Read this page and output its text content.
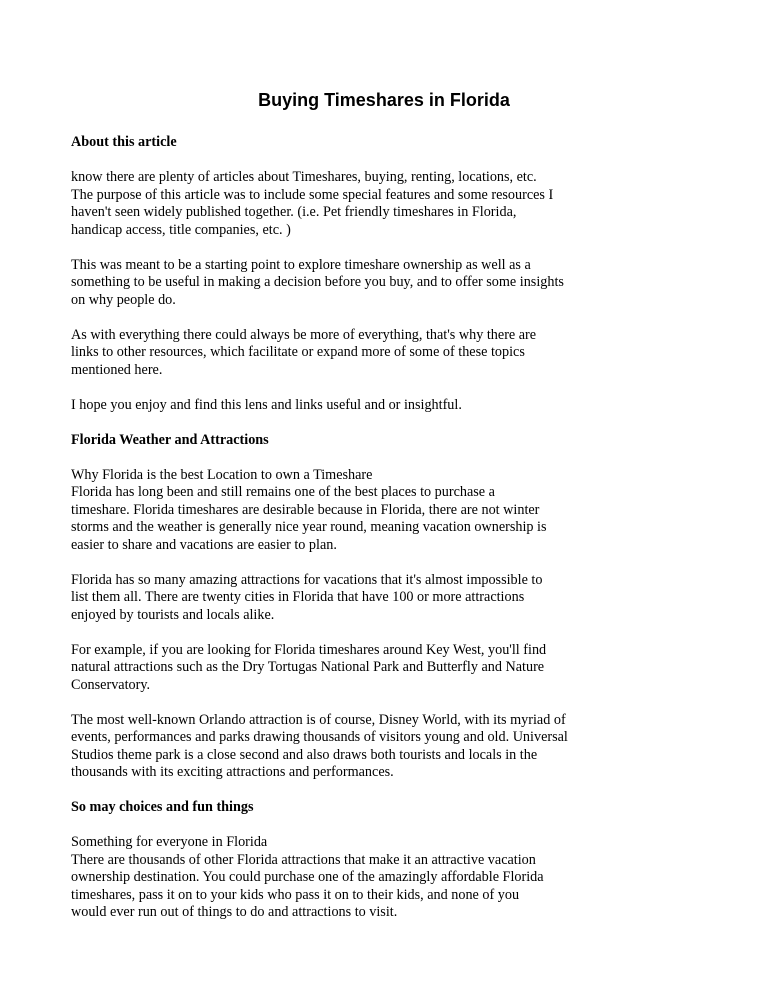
Buying Timeshares in Florida

About this article

know there are plenty of articles about Timeshares, buying, renting, locations, etc.
The purpose of this article was to include some special features and some resources I
haven't seen widely published together. (i.e. Pet friendly timeshares in Florida,
handicap access, title companies, etc. )

This was meant to be a starting point to explore timeshare ownership as well as a
something to be useful in making a decision before you buy, and to offer some insights
on why people do.

As with everything there could always be more of everything, that's why there are
links to other resources, which facilitate or expand more of some of these topics
mentioned here.

I hope you enjoy and find this lens and links useful and or insightful.

Florida Weather and Attractions

Why Florida is the best Location to own a Timeshare
Florida has long been and still remains one of the best places to purchase a
timeshare. Florida timeshares are desirable because in Florida, there are not winter
storms and the weather is generally nice year round, meaning vacation ownership is
easier to share and vacations are easier to plan.

Florida has so many amazing attractions for vacations that it's almost impossible to
list them all. There are twenty cities in Florida that have 100 or more attractions
enjoyed by tourists and locals alike.

For example, if you are looking for Florida timeshares around Key West, you'll find
natural attractions such as the Dry Tortugas National Park and Butterfly and Nature
Conservatory.

The most well-known Orlando attraction is of course, Disney World, with its myriad of
events, performances and parks drawing thousands of visitors young and old. Universal
Studios theme park is a close second and also draws both tourists and locals in the
thousands with its exciting attractions and performances.

So may choices and fun things

Something for everyone in Florida
There are thousands of other Florida attractions that make it an attractive vacation
ownership destination. You could purchase one of the amazingly affordable Florida
timeshares, pass it on to your kids who pass it on to their kids, and none of you
would ever run out of things to do and attractions to visit.
